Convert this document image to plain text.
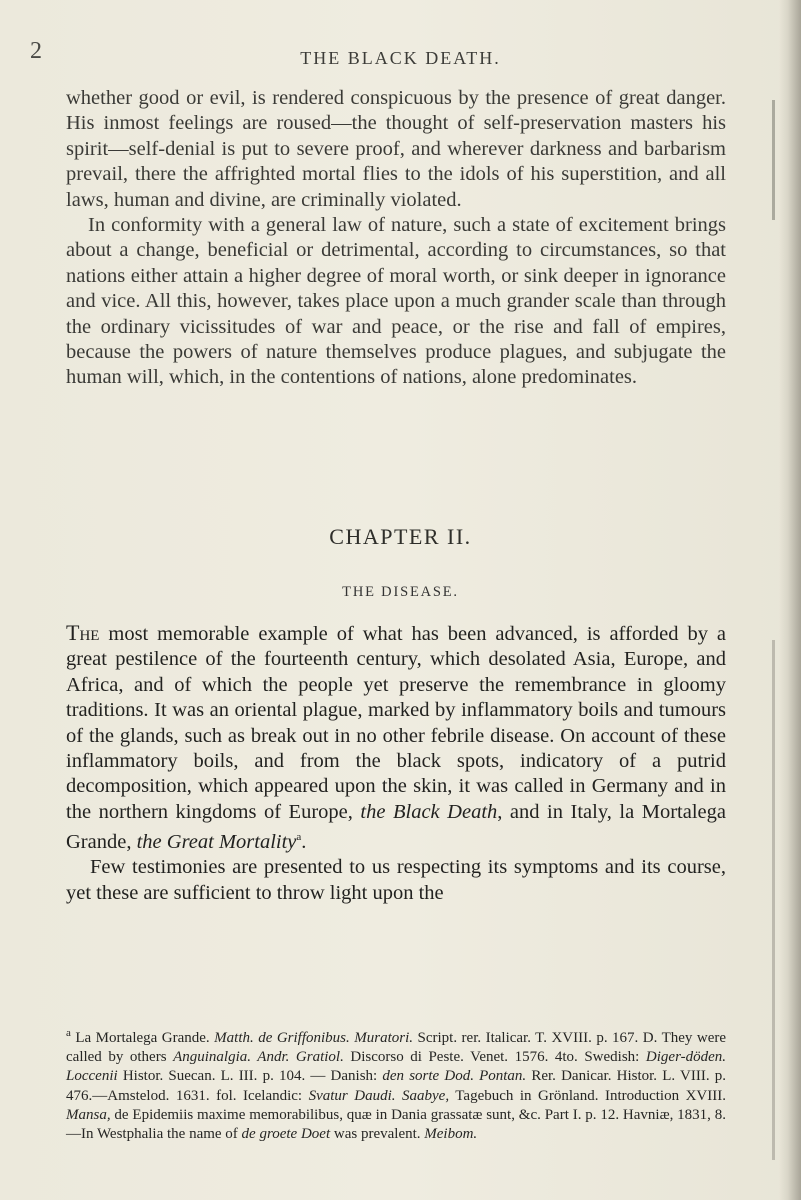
2	THE BLACK DEATH.

whether good or evil, is rendered conspicuous by the presence of great danger. His inmost feelings are roused—the thought of self-preservation masters his spirit—self-denial is put to severe proof, and wherever darkness and barbarism prevail, there the affrighted mortal flies to the idols of his superstition, and all laws, human and divine, are criminally violated.

In conformity with a general law of nature, such a state of excitement brings about a change, beneficial or detrimental, according to circumstances, so that nations either attain a higher degree of moral worth, or sink deeper in ignorance and vice. All this, however, takes place upon a much grander scale than through the ordinary vicissitudes of war and peace, or the rise and fall of empires, because the powers of nature themselves produce plagues, and subjugate the human will, which, in the contentions of nations, alone predominates.

CHAPTER II.
THE DISEASE.

The most memorable example of what has been advanced, is afforded by a great pestilence of the fourteenth century, which desolated Asia, Europe, and Africa, and of which the people yet preserve the remembrance in gloomy traditions. It was an oriental plague, marked by inflammatory boils and tumours of the glands, such as break out in no other febrile disease. On account of these inflammatory boils, and from the black spots, indicatory of a putrid decomposition, which appeared upon the skin, it was called in Germany and in the northern kingdoms of Europe, the Black Death, and in Italy, la Mortalega Grande, the Great Mortality$^a$.

Few testimonies are presented to us respecting its symptoms and its course, yet these are sufficient to throw light upon the

$^a$ La Mortalega Grande. Matth. de Griffonibus. Muratori. Script. rer. Italicar. T. XVIII. p. 167. D. They were called by others Anguinalgia. Andr. Gratiol. Discorso di Peste. Venet. 1576. 4to. Swedish: Diger-döden. Loccenii Histor. Suecan. L. III. p. 104. — Danish: den sorte Dod. Pontan. Rer. Danicar. Histor. L. VIII. p. 476.—Amstelod. 1631. fol. Icelandic: Svatur Daudi. Saabye, Tagebuch in Grönland. Introduction XVIII. Mansa, de Epidemiis maxime memorabilibus, quæ in Dania grassatæ sunt, &c. Part I. p. 12. Havniæ, 1831, 8.—In Westphalia the name of de groete Doet was prevalent. Meibom.
